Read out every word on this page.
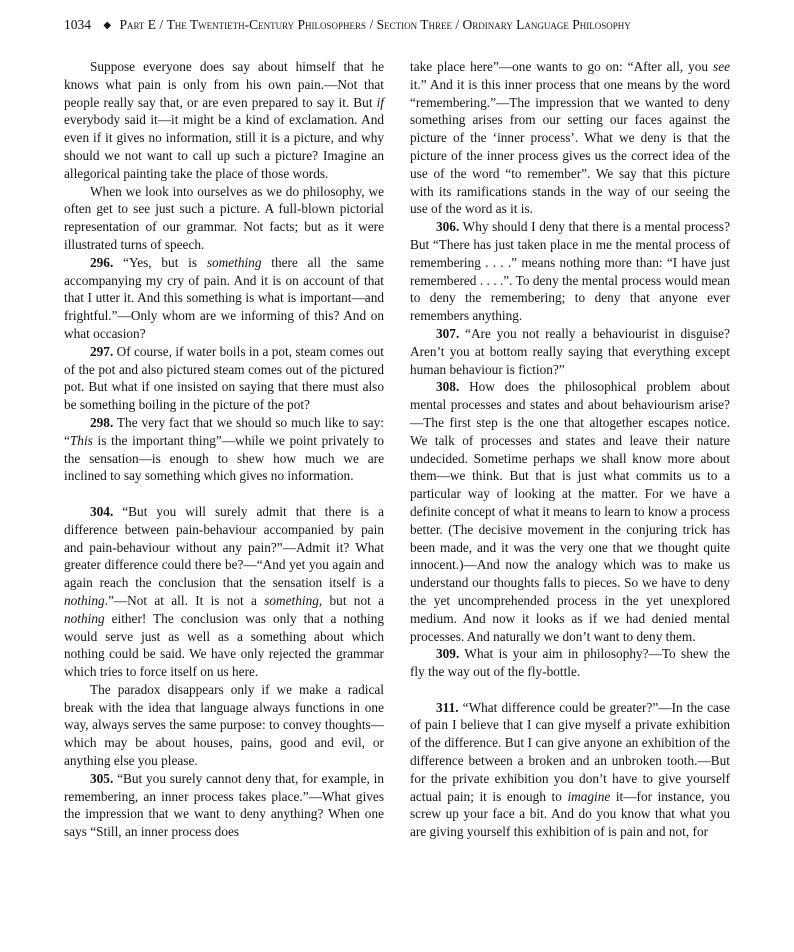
1034 ◆ Part E / The Twentieth-Century Philosophers / Section Three / Ordinary Language Philosophy

Suppose everyone does say about himself that he knows what pain is only from his own pain.—Not that people really say that, or are even prepared to say it. But if everybody said it—it might be a kind of exclamation. And even if it gives no information, still it is a picture, and why should we not want to call up such a picture? Imagine an allegorical painting take the place of those words.

When we look into ourselves as we do philosophy, we often get to see just such a picture. A full-blown pictorial representation of our grammar. Not facts; but as it were illustrated turns of speech.

296. “Yes, but is something there all the same accompanying my cry of pain. And it is on account of that that I utter it. And this something is what is important—and frightful.”—Only whom are we informing of this? And on what occasion?

297. Of course, if water boils in a pot, steam comes out of the pot and also pictured steam comes out of the pictured pot. But what if one insisted on saying that there must also be something boiling in the picture of the pot?

298. The very fact that we should so much like to say: “This is the important thing”—while we point privately to the sensation—is enough to shew how much we are inclined to say something which gives no information.

304. “But you will surely admit that there is a difference between pain-behaviour accompanied by pain and pain-behaviour without any pain?”—Admit it? What greater difference could there be?—“And yet you again and again reach the conclusion that the sensation itself is a nothing.”—Not at all. It is not a something, but not a nothing either! The conclusion was only that a nothing would serve just as well as a something about which nothing could be said. We have only rejected the grammar which tries to force itself on us here.

The paradox disappears only if we make a radical break with the idea that language always functions in one way, always serves the same purpose: to convey thoughts—which may be about houses, pains, good and evil, or anything else you please.

305. “But you surely cannot deny that, for example, in remembering, an inner process takes place.”—What gives the impression that we want to deny anything? When one says “Still, an inner process does

take place here”—one wants to go on: “After all, you see it.” And it is this inner process that one means by the word “remembering.”—The impression that we wanted to deny something arises from our setting our faces against the picture of the ‘inner process’. What we deny is that the picture of the inner process gives us the correct idea of the use of the word “to remember”. We say that this picture with its ramifications stands in the way of our seeing the use of the word as it is.

306. Why should I deny that there is a mental process? But “There has just taken place in me the mental process of remembering . . . .” means nothing more than: “I have just remembered . . . .”. To deny the mental process would mean to deny the remembering; to deny that anyone ever remembers anything.

307. “Are you not really a behaviourist in disguise? Aren’t you at bottom really saying that everything except human behaviour is fiction?”

308. How does the philosophical problem about mental processes and states and about behaviourism arise?—The first step is the one that altogether escapes notice. We talk of processes and states and leave their nature undecided. Sometime perhaps we shall know more about them—we think. But that is just what commits us to a particular way of looking at the matter. For we have a definite concept of what it means to learn to know a process better. (The decisive movement in the conjuring trick has been made, and it was the very one that we thought quite innocent.)—And now the analogy which was to make us understand our thoughts falls to pieces. So we have to deny the yet uncomprehended process in the yet unexplored medium. And now it looks as if we had denied mental processes. And naturally we don’t want to deny them.

309. What is your aim in philosophy?—To shew the fly the way out of the fly-bottle.

311. “What difference could be greater?”—In the case of pain I believe that I can give myself a private exhibition of the difference. But I can give anyone an exhibition of the difference between a broken and an unbroken tooth.—But for the private exhibition you don’t have to give yourself actual pain; it is enough to imagine it—for instance, you screw up your face a bit. And do you know that what you are giving yourself this exhibition of is pain and not, for
